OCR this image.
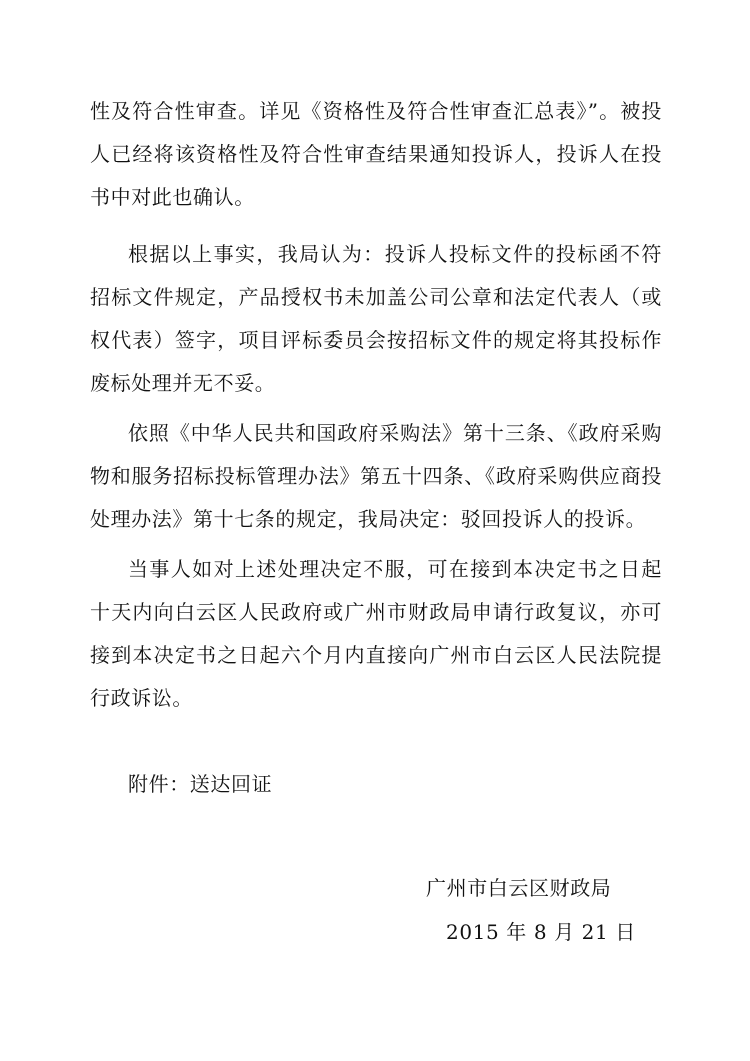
性及符合性审查。详见《资格性及符合性审查汇总表》”。被投
人已经将该资格性及符合性审查结果通知投诉人，投诉人在投
书中对此也确认。
根据以上事实，我局认为：投诉人投标文件的投标函不符
招标文件规定，产品授权书未加盖公司公章和法定代表人（或
权代表）签字，项目评标委员会按招标文件的规定将其投标作
废标处理并无不妥。
依照《中华人民共和国政府采购法》第十三条、《政府采购
物和服务招标投标管理办法》第五十四条、《政府采购供应商投
处理办法》第十七条的规定，我局决定：驳回投诉人的投诉。
当事人如对上述处理决定不服，可在接到本决定书之日起
十天内向白云区人民政府或广州市财政局申请行政复议，亦可
接到本决定书之日起六个月内直接向广州市白云区人民法院提
行政诉讼。
附件：送达回证
广州市白云区财政局
2015 年 8 月 21 日
